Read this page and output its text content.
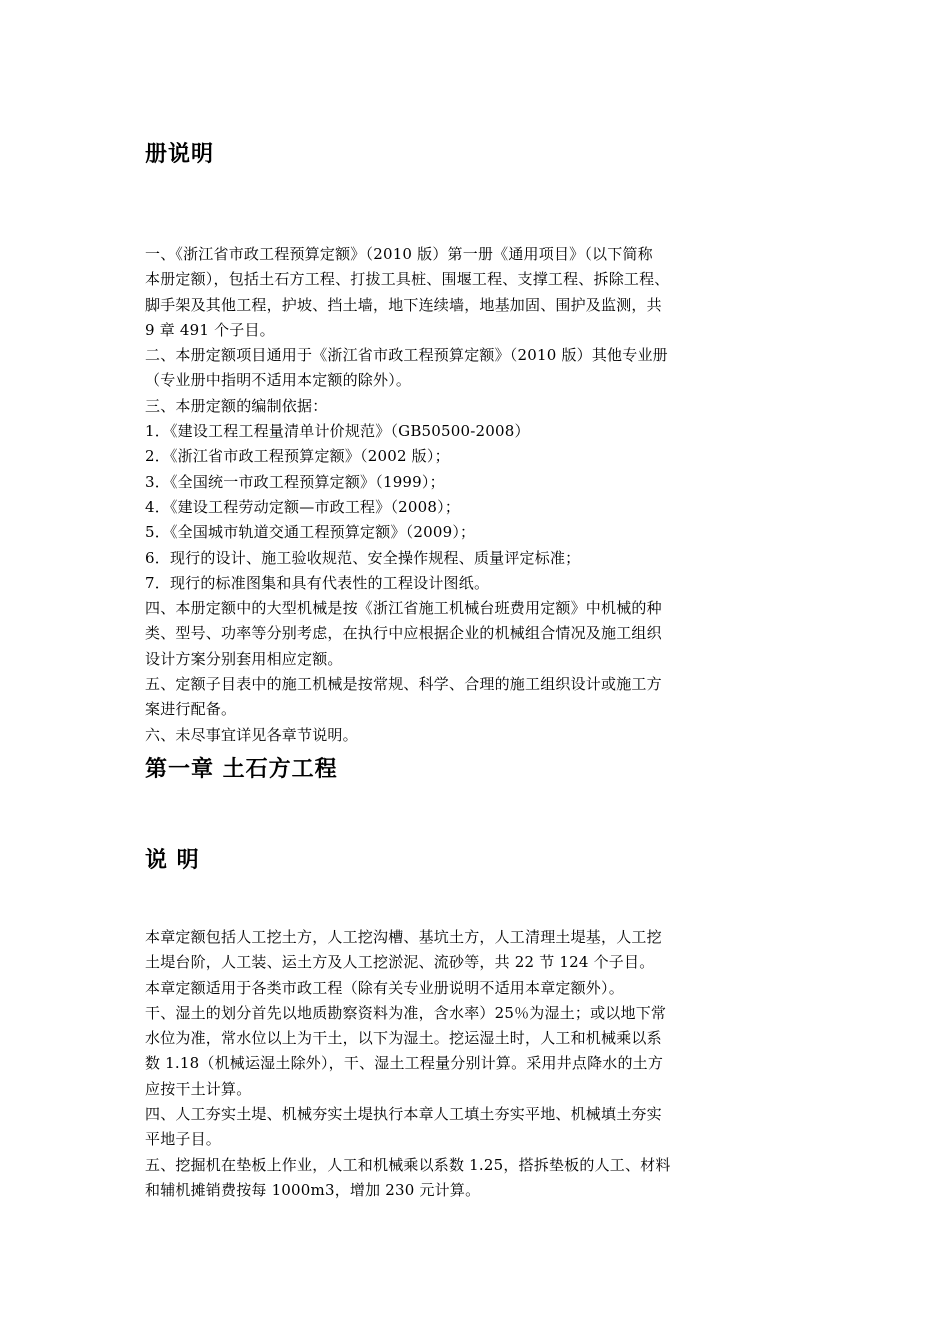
册说明
一、《浙江省市政工程预算定额》（2010 版）第一册《通用项目》（以下简称
本册定额），包括土石方工程、打拔工具桩、围堰工程、支撑工程、拆除工程、
脚手架及其他工程，护坡、挡土墙，地下连续墙，地基加固、围护及监测，共
9 章 491 个子目。
二、本册定额项目通用于《浙江省市政工程预算定额》（2010 版）其他专业册
（专业册中指明不适用本定额的除外）。
三、本册定额的编制依据：
1．《建设工程工程量清单计价规范》（GB50500-2008）
2．《浙江省市政工程预算定额》（2002 版）；
3．《全国统一市政工程预算定额》（1999）；
4．《建设工程劳动定额—市政工程》（2008）；
5．《全国城市轨道交通工程预算定额》（2009）；
6．现行的设计、施工验收规范、安全操作规程、质量评定标准；
7．现行的标准图集和具有代表性的工程设计图纸。
四、本册定额中的大型机械是按《浙江省施工机械台班费用定额》中机械的种
类、型号、功率等分别考虑，在执行中应根据企业的机械组合情况及施工组织
设计方案分别套用相应定额。
五、定额子目表中的施工机械是按常规、科学、合理的施工组织设计或施工方
案进行配备。
六、未尽事宜详见各章节说明。
第一章 土石方工程
说 明
本章定额包括人工挖土方，人工挖沟槽、基坑土方，人工清理土堤基，人工挖
土堤台阶，人工装、运土方及人工挖淤泥、流砂等，共 22 节 124 个子目。
本章定额适用于各类市政工程（除有关专业册说明不适用本章定额外）。
干、湿土的划分首先以地质勘察资料为准，含水率）25％为湿土；或以地下常
水位为准，常水位以上为干土，以下为湿土。挖运湿土时，人工和机械乘以系
数 1.18（机械运湿土除外），干、湿土工程量分别计算。采用井点降水的土方
应按干土计算。
四、人工夯实土堤、机械夯实土堤执行本章人工填土夯实平地、机械填土夯实
平地子目。
五、挖掘机在垫板上作业，人工和机械乘以系数 1.25，搭拆垫板的人工、材料
和辅机摊销费按每 1000m3，增加 230 元计算。
